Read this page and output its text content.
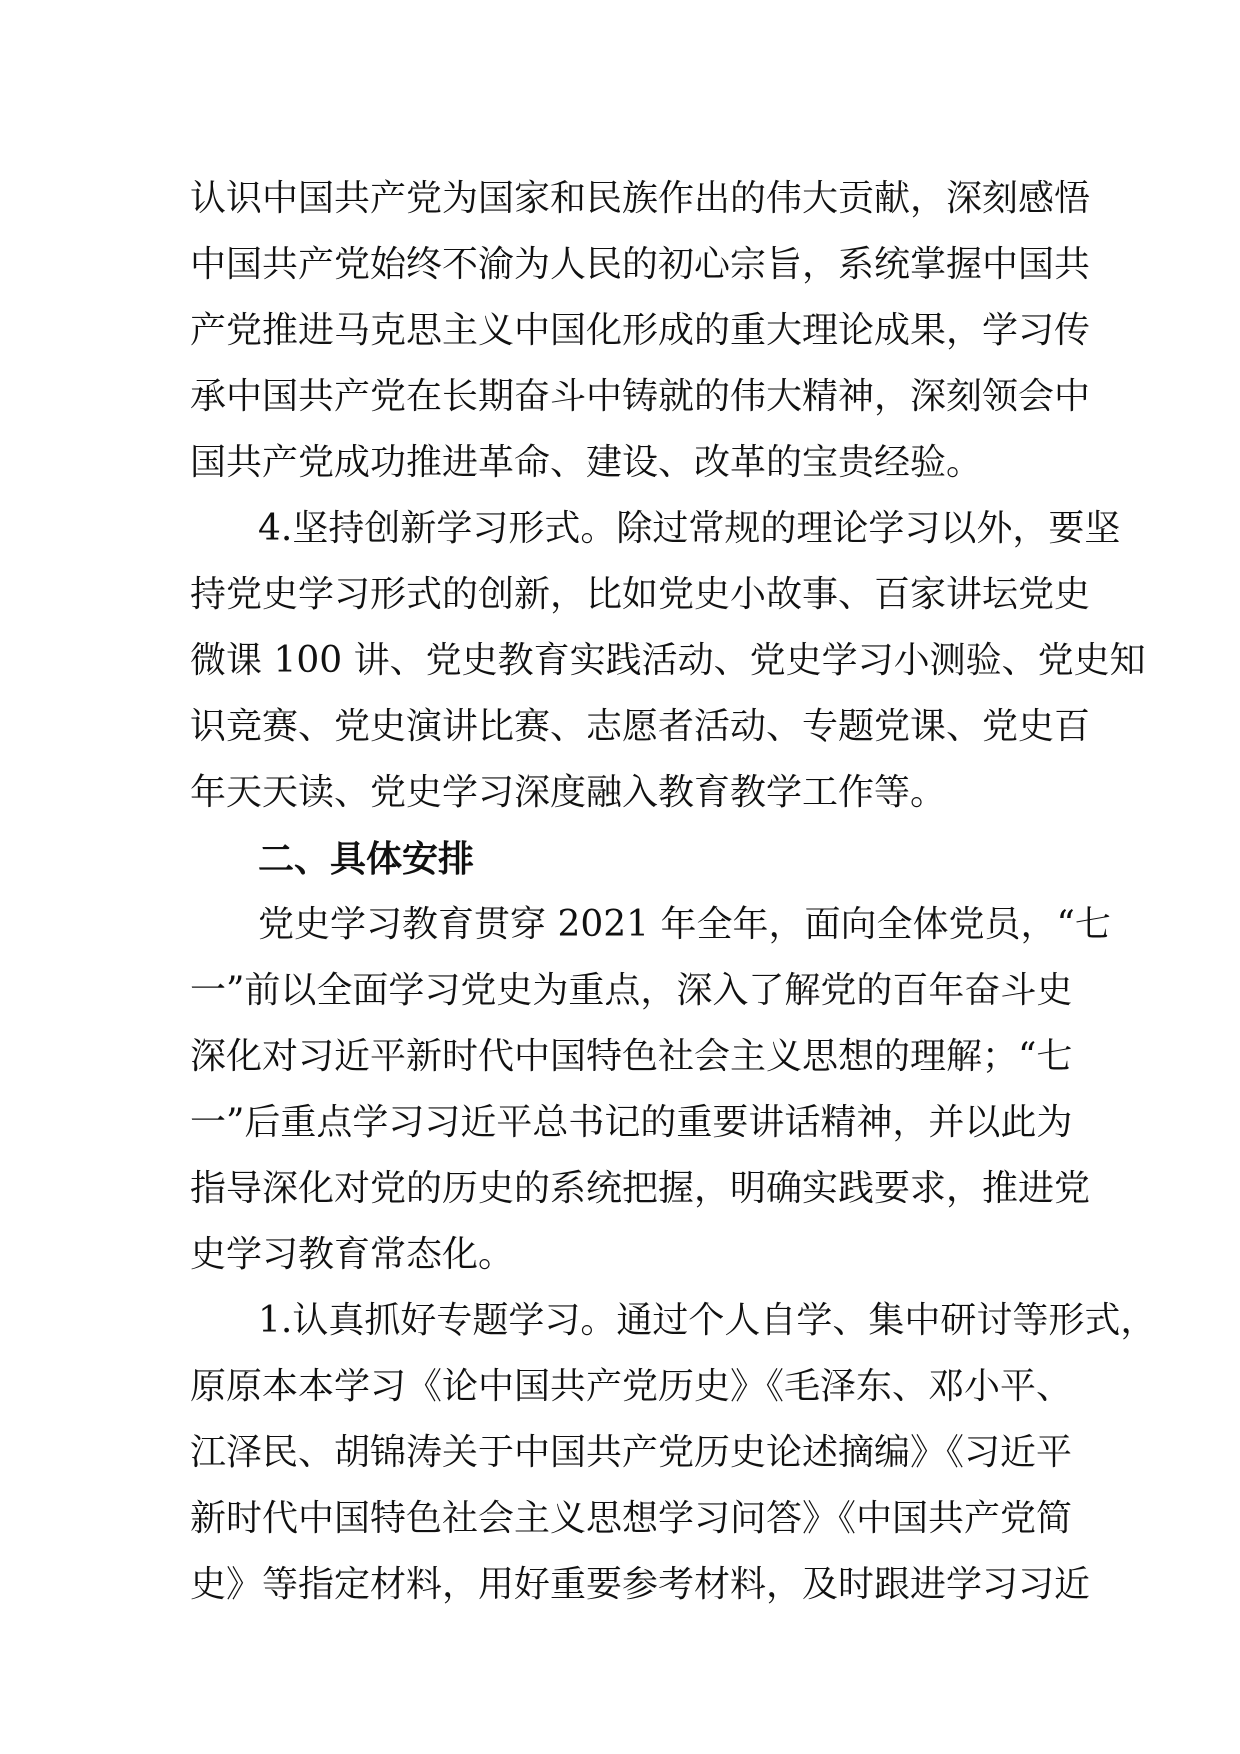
认识中国共产党为国家和民族作出的伟大贡献，深刻感悟
中国共产党始终不渝为人民的初心宗旨，系统掌握中国共
产党推进马克思主义中国化形成的重大理论成果，学习传
承中国共产党在长期奋斗中铸就的伟大精神，深刻领会中
国共产党成功推进革命、建设、改革的宝贵经验。
4.坚持创新学习形式。除过常规的理论学习以外，要坚
持党史学习形式的创新，比如党史小故事、百家讲坛党史
微课 100 讲、党史教育实践活动、党史学习小测验、党史知
识竞赛、党史演讲比赛、志愿者活动、专题党课、党史百
年天天读、党史学习深度融入教育教学工作等。
二、具体安排
党史学习教育贯穿 2021 年全年，面向全体党员，“七
一”前以全面学习党史为重点，深入了解党的百年奋斗史
深化对习近平新时代中国特色社会主义思想的理解；“七
一”后重点学习习近平总书记的重要讲话精神，并以此为
指导深化对党的历史的系统把握，明确实践要求，推进党
史学习教育常态化。
1.认真抓好专题学习。通过个人自学、集中研讨等形式，
原原本本学习《论中国共产党历史》《毛泽东、邓小平、
江泽民、胡锦涛关于中国共产党历史论述摘编》《习近平
新时代中国特色社会主义思想学习问答》《中国共产党简
史》等指定材料，用好重要参考材料，及时跟进学习习近
